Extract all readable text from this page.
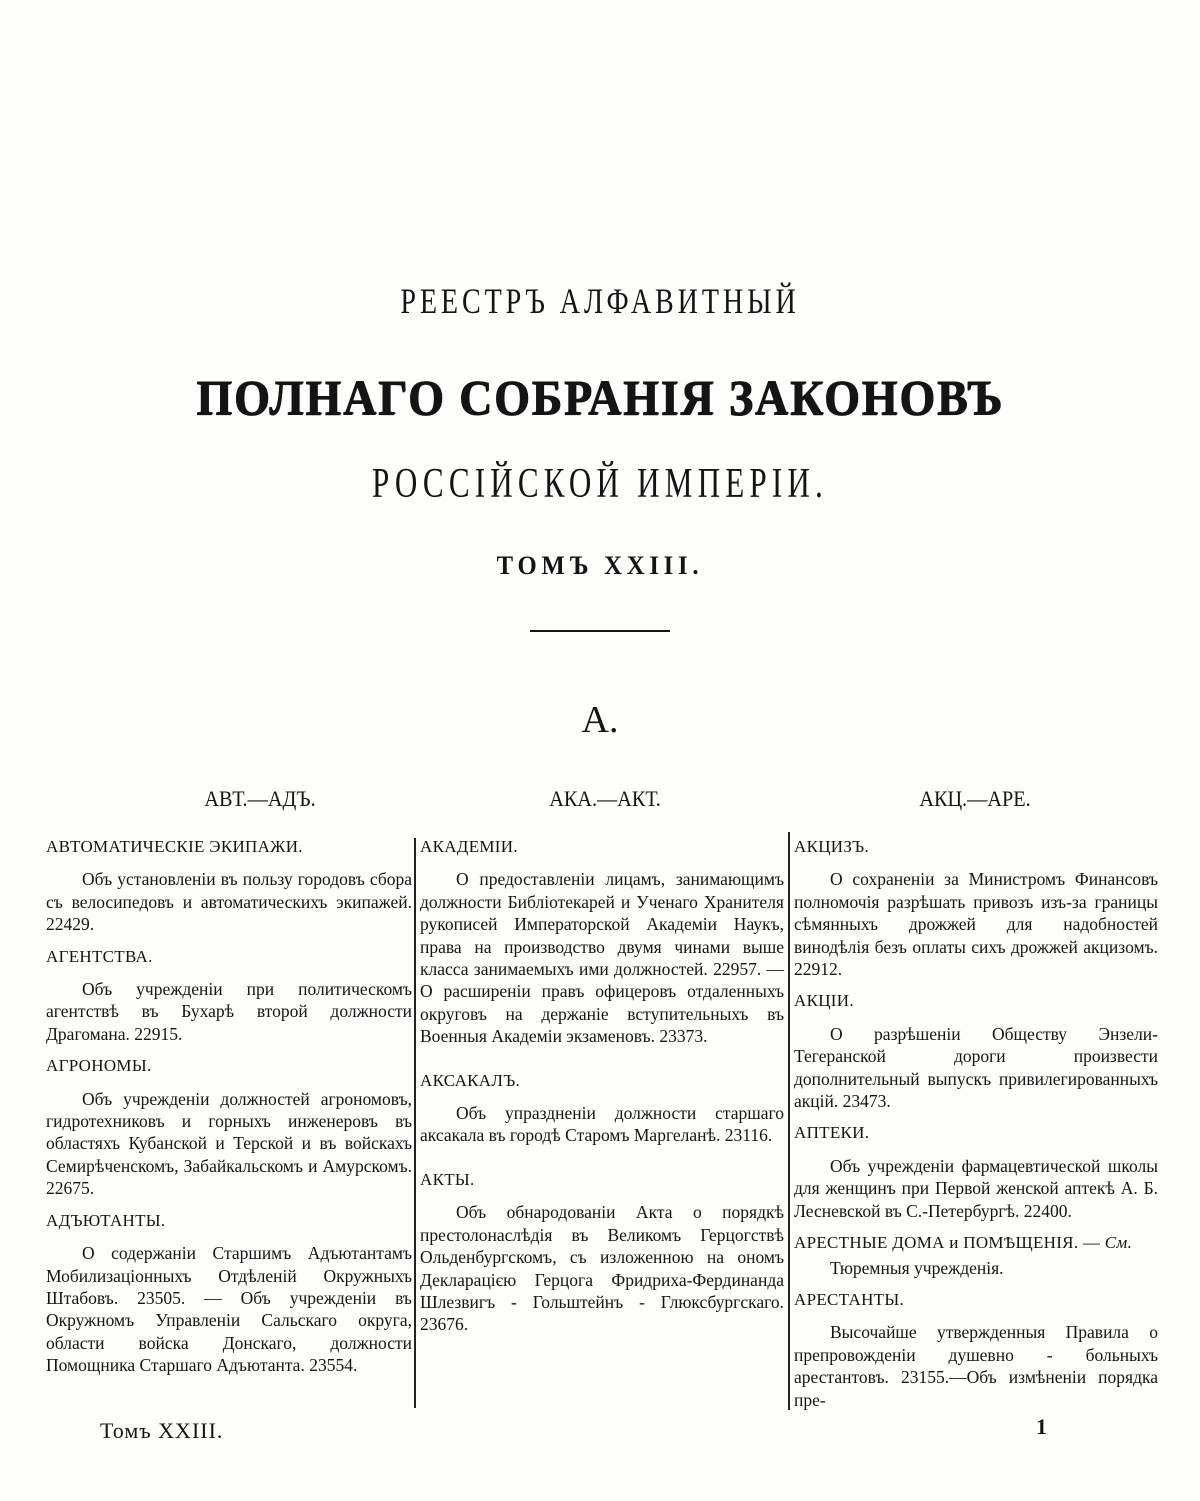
РЕЕСТРЪ АЛФАВИТНЫЙ
ПОЛНАГО СОБРАНІЯ ЗАКОНОВЪ
РОССІЙСКОЙ ИМПЕРІИ.
ТОМЪ XXIII.
А.
АВТ.—АДЪ.	АКА.—АКТ.	АКЦ.—АРЕ.

АВТОМАТИЧЕСКІЕ ЭКИПАЖИ.

Объ установленіи въ пользу городовъ сбора съ велосипедовъ и автоматическихъ экипажей. 22429.

АГЕНТСТВА.

Объ учрежденіи при политическомъ агентствѣ въ Бухарѣ второй должности Драгомана. 22915.

АГРОНОМЫ.

Объ учрежденіи должностей агрономовъ, гидротехниковъ и горныхъ инженеровъ въ областяхъ Кубанской и Терской и въ войскахъ Семирѣченскомъ, Забайкальскомъ и Амурскомъ. 22675.

АДЪЮТАНТЫ.

О содержаніи Старшимъ Адъютантамъ Мобилизаціонныхъ Отдѣленій Окружныхъ Штабовъ. 23505. — Объ учрежденіи въ Окружномъ Управленіи Сальскаго округа, области войска Донскаго, должности Помощника Старшаго Адъютанта. 23554.

АКАДЕМІИ.

О предоставленіи лицамъ, занимающимъ должности Библіотекарей и Ученаго Хранителя рукописей Императорской Академіи Наукъ, права на производство двумя чинами выше класса занимаемыхъ ими должностей. 22957. — О расширеніи правъ офицеровъ отдаленныхъ округовъ на держаніе вступительныхъ въ Военныя Академіи экзаменовъ. 23373.

АКСАКАЛЪ.

Объ упраздненіи должности старшаго аксакала въ городѣ Старомъ Маргеланѣ. 23116.

АКТЫ.

Объ обнародованіи Акта о порядкѣ престолонаслѣдія въ Великомъ Герцогствѣ Ольденбургскомъ, съ изложенною на ономъ Декларацією Герцога Фридриха-Фердинанда Шлезвигъ - Гольштейнъ - Глюксбургскаго. 23676.

АКЦИЗЪ.

О сохраненіи за Министромъ Финансовъ полномочія разрѣшать привозъ изъ-за границы сѣмянныхъ дрожжей для надобностей винодѣлія безъ оплаты сихъ дрожжей акцизомъ. 22912.

АКЦІИ.

О разрѣшеніи Обществу Энзели-Тегеранской дороги произвести дополнительный выпускъ привилегированныхъ акцій. 23473.

АПТЕКИ.

Объ учрежденіи фармацевтической школы для женщинъ при Первой женской аптекѣ А. Б. Лесневской въ С.-Петербургѣ. 22400.

АРЕСТНЫЕ ДОМА и ПОМѢЩЕНІЯ. — См.

Тюремныя учрежденія.

АРЕСТАНТЫ.

Высочайше утвержденныя Правила о препровожденіи душевно - больныхъ арестантовъ. 23155.—Объ измѣненіи порядка пре-

Томъ XXIII.	1
